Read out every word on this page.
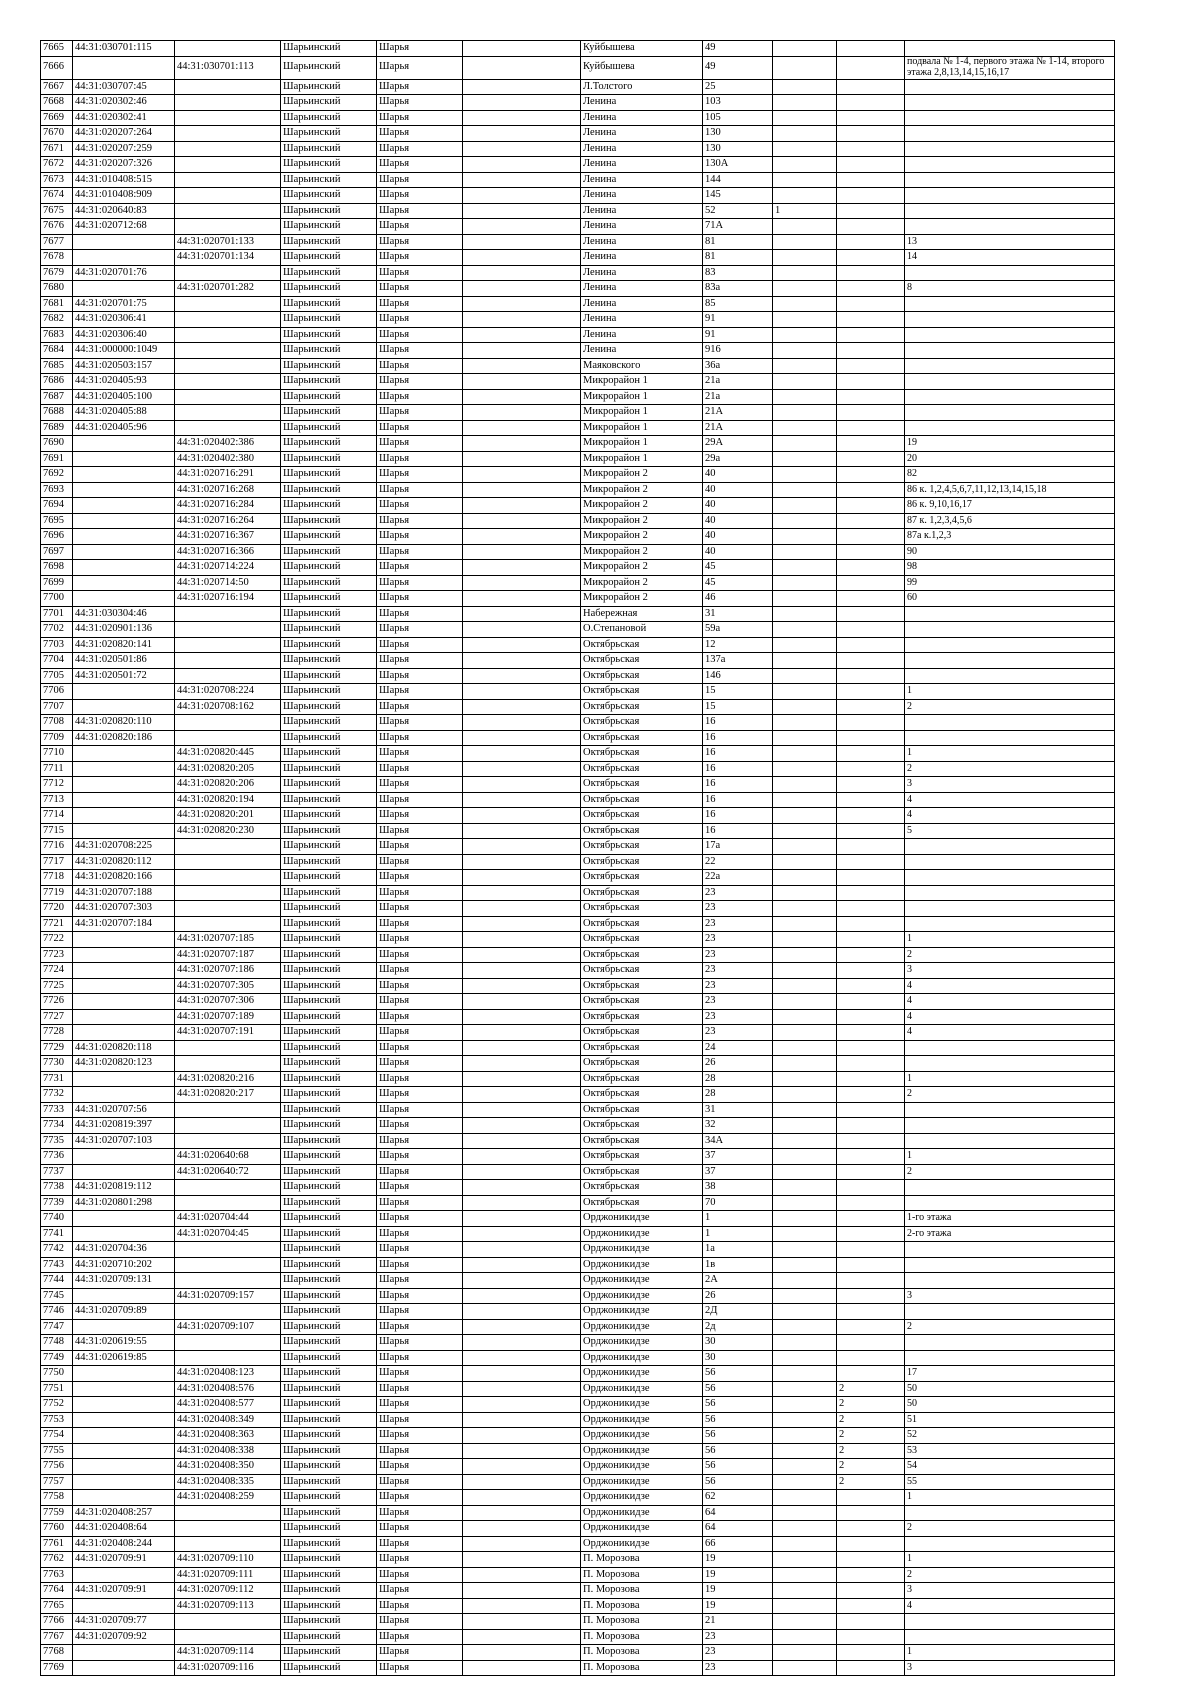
7665	44:31:030701:115		Шарьинский	Шарья		Куйбышева	49			
7666		44:31:030701:113	Шарьинский	Шарья		Куйбышева	49			подвала № 1-4, первого этажа № 1-14, второго этажа 2,8,13,14,15,16,17
7667	44:31:030707:45		Шарьинский	Шарья		Л.Толстого	25			
7668	44:31:020302:46		Шарьинский	Шарья		Ленина	103			
7669	44:31:020302:41		Шарьинский	Шарья		Ленина	105			
7670	44:31:020207:264		Шарьинский	Шарья		Ленина	130			
7671	44:31:020207:259		Шарьинский	Шарья		Ленина	130			
7672	44:31:020207:326		Шарьинский	Шарья		Ленина	130А			
7673	44:31:010408:515		Шарьинский	Шарья		Ленина	144			
7674	44:31:010408:909		Шарьинский	Шарья		Ленина	145			
7675	44:31:020640:83		Шарьинский	Шарья		Ленина	52	1		
7676	44:31:020712:68		Шарьинский	Шарья		Ленина	71А			
7677		44:31:020701:133	Шарьинский	Шарья		Ленина	81			13
7678		44:31:020701:134	Шарьинский	Шарья		Ленина	81			14
7679	44:31:020701:76		Шарьинский	Шарья		Ленина	83			
7680		44:31:020701:282	Шарьинский	Шарья		Ленина	83а			8
7681	44:31:020701:75		Шарьинский	Шарья		Ленина	85			
7682	44:31:020306:41		Шарьинский	Шарья		Ленина	91			
7683	44:31:020306:40		Шарьинский	Шарья		Ленина	91			
7684	44:31:000000:1049		Шарьинский	Шарья		Ленина	916			
7685	44:31:020503:157		Шарьинский	Шарья		Маяковского	36а			
7686	44:31:020405:93		Шарьинский	Шарья		Микрорайон 1	21а			
7687	44:31:020405:100		Шарьинский	Шарья		Микрорайон 1	21а			
7688	44:31:020405:88		Шарьинский	Шарья		Микрорайон 1	21А			
7689	44:31:020405:96		Шарьинский	Шарья		Микрорайон 1	21А			
7690		44:31:020402:386	Шарьинский	Шарья		Микрорайон 1	29А			19
7691		44:31:020402:380	Шарьинский	Шарья		Микрорайон 1	29а			20
7692		44:31:020716:291	Шарьинский	Шарья		Микрорайон 2	40			82
7693		44:31:020716:268	Шарьинский	Шарья		Микрорайон 2	40			86 к. 1,2,4,5,6,7,11,12,13,14,15,18
7694		44:31:020716:284	Шарьинский	Шарья		Микрорайон 2	40			86 к. 9,10,16,17
7695		44:31:020716:264	Шарьинский	Шарья		Микрорайон 2	40			87 к. 1,2,3,4,5,6
7696		44:31:020716:367	Шарьинский	Шарья		Микрорайон 2	40			87а к.1,2,3
7697		44:31:020716:366	Шарьинский	Шарья		Микрорайон 2	40			90
7698		44:31:020714:224	Шарьинский	Шарья		Микрорайон 2	45			98
7699		44:31:020714:50	Шарьинский	Шарья		Микрорайон 2	45			99
7700		44:31:020716:194	Шарьинский	Шарья		Микрорайон 2	46			60
7701	44:31:030304:46		Шарьинский	Шарья		Набережная	31			
7702	44:31:020901:136		Шарьинский	Шарья		О.Степановой	59а			
7703	44:31:020820:141		Шарьинский	Шарья		Октябрьская	12			
7704	44:31:020501:86		Шарьинский	Шарья		Октябрьская	137а			
7705	44:31:020501:72		Шарьинский	Шарья		Октябрьская	146			
7706		44:31:020708:224	Шарьинский	Шарья		Октябрьская	15			1
7707		44:31:020708:162	Шарьинский	Шарья		Октябрьская	15			2
7708	44:31:020820:110		Шарьинский	Шарья		Октябрьская	16			
7709	44:31:020820:186		Шарьинский	Шарья		Октябрьская	16			
7710		44:31:020820:445	Шарьинский	Шарья		Октябрьская	16			1
7711		44:31:020820:205	Шарьинский	Шарья		Октябрьская	16			2
7712		44:31:020820:206	Шарьинский	Шарья		Октябрьская	16			3
7713		44:31:020820:194	Шарьинский	Шарья		Октябрьская	16			4
7714		44:31:020820:201	Шарьинский	Шарья		Октябрьская	16			4
7715		44:31:020820:230	Шарьинский	Шарья		Октябрьская	16			5
7716	44:31:020708:225		Шарьинский	Шарья		Октябрьская	17а			
7717	44:31:020820:112		Шарьинский	Шарья		Октябрьская	22			
7718	44:31:020820:166		Шарьинский	Шарья		Октябрьская	22а			
7719	44:31:020707:188		Шарьинский	Шарья		Октябрьская	23			
7720	44:31:020707:303		Шарьинский	Шарья		Октябрьская	23			
7721	44:31:020707:184		Шарьинский	Шарья		Октябрьская	23			
7722		44:31:020707:185	Шарьинский	Шарья		Октябрьская	23			1
7723		44:31:020707:187	Шарьинский	Шарья		Октябрьская	23			2
7724		44:31:020707:186	Шарьинский	Шарья		Октябрьская	23			3
7725		44:31:020707:305	Шарьинский	Шарья		Октябрьская	23			4
7726		44:31:020707:306	Шарьинский	Шарья		Октябрьская	23			4
7727		44:31:020707:189	Шарьинский	Шарья		Октябрьская	23			4
7728		44:31:020707:191	Шарьинский	Шарья		Октябрьская	23			4
7729	44:31:020820:118		Шарьинский	Шарья		Октябрьская	24			
7730	44:31:020820:123		Шарьинский	Шарья		Октябрьская	26			
7731		44:31:020820:216	Шарьинский	Шарья		Октябрьская	28			1
7732		44:31:020820:217	Шарьинский	Шарья		Октябрьская	28			2
7733	44:31:020707:56		Шарьинский	Шарья		Октябрьская	31			
7734	44:31:020819:397		Шарьинский	Шарья		Октябрьская	32			
7735	44:31:020707:103		Шарьинский	Шарья		Октябрьская	34А			
7736		44:31:020640:68	Шарьинский	Шарья		Октябрьская	37			1
7737		44:31:020640:72	Шарьинский	Шарья		Октябрьская	37			2
7738	44:31:020819:112		Шарьинский	Шарья		Октябрьская	38			
7739	44:31:020801:298		Шарьинский	Шарья		Октябрьская	70			
7740		44:31:020704:44	Шарьинский	Шарья		Орджоникидзе	1			1-го этажа
7741		44:31:020704:45	Шарьинский	Шарья		Орджоникидзе	1			2-го этажа
7742	44:31:020704:36		Шарьинский	Шарья		Орджоникидзе	1а			
7743	44:31:020710:202		Шарьинский	Шарья		Орджоникидзе	1в			
7744	44:31:020709:131		Шарьинский	Шарья		Орджоникидзе	2А			
7745		44:31:020709:157	Шарьинский	Шарья		Орджоникидзе	26			3
7746	44:31:020709:89		Шарьинский	Шарья		Орджоникидзе	2Д			
7747		44:31:020709:107	Шарьинский	Шарья		Орджоникидзе	2д			2
7748	44:31:020619:55		Шарьинский	Шарья		Орджоникидзе	30			
7749	44:31:020619:85		Шарьинский	Шарья		Орджоникидзе	30			
7750		44:31:020408:123	Шарьинский	Шарья		Орджоникидзе	56			17
7751		44:31:020408:576	Шарьинский	Шарья		Орджоникидзе	56		2	50
7752		44:31:020408:577	Шарьинский	Шарья		Орджоникидзе	56		2	50
7753		44:31:020408:349	Шарьинский	Шарья		Орджоникидзе	56		2	51
7754		44:31:020408:363	Шарьинский	Шарья		Орджоникидзе	56		2	52
7755		44:31:020408:338	Шарьинский	Шарья		Орджоникидзе	56		2	53
7756		44:31:020408:350	Шарьинский	Шарья		Орджоникидзе	56		2	54
7757		44:31:020408:335	Шарьинский	Шарья		Орджоникидзе	56		2	55
7758		44:31:020408:259	Шарьинский	Шарья		Орджоникидзе	62			1
7759	44:31:020408:257		Шарьинский	Шарья		Орджоникидзе	64			
7760	44:31:020408:64		Шарьинский	Шарья		Орджоникидзе	64			2
7761	44:31:020408:244		Шарьинский	Шарья		Орджоникидзе	66			
7762	44:31:020709:91	44:31:020709:110	Шарьинский	Шарья		П. Морозова	19			1
7763		44:31:020709:111	Шарьинский	Шарья		П. Морозова	19			2
7764	44:31:020709:91	44:31:020709:112	Шарьинский	Шарья		П. Морозова	19			3
7765		44:31:020709:113	Шарьинский	Шарья		П. Морозова	19			4
7766	44:31:020709:77		Шарьинский	Шарья		П. Морозова	21			
7767	44:31:020709:92		Шарьинский	Шарья		П. Морозова	23			
7768		44:31:020709:114	Шарьинский	Шарья		П. Морозова	23			1
7769		44:31:020709:116	Шарьинский	Шарья		П. Морозова	23			3
